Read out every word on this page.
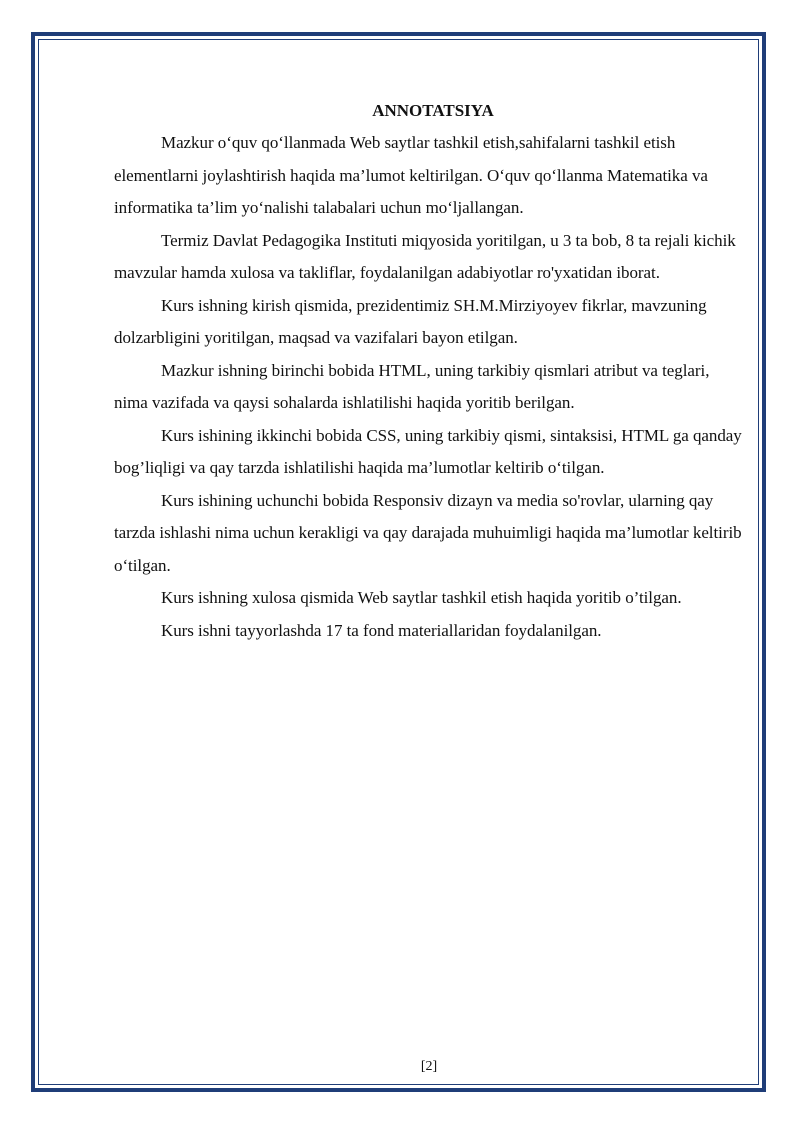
ANNOTATSIYA

Mazkur o‘quv qo‘llanmada Web saytlar tashkil etish,sahifalarni tashkil etish elementlarni joylashtirish haqida ma’lumot keltirilgan. O‘quv qo‘llanma Matematika va informatika ta’lim yo‘nalishi talabalari uchun mo‘ljallangan.

Termiz Davlat Pedagogika Instituti miqyosida yoritilgan, u 3 ta bob, 8 ta rejali kichik mavzular hamda xulosa va takliflar, foydalanilgan adabiyotlar ro'yxatidan iborat.

Kurs ishning kirish qismida, prezidentimiz SH.M.Mirziyoyev fikrlar, mavzuning dolzarbligini yoritilgan, maqsad va vazifalari bayon etilgan.

Mazkur ishning birinchi bobida HTML, uning tarkibiy qismlari atribut va teglari, nima vazifada va qaysi sohalarda ishlatilishi haqida yoritib berilgan.

Kurs ishining ikkinchi bobida CSS, uning tarkibiy qismi, sintaksisi, HTML ga qanday bog’liqligi va qay tarzda ishlatilishi haqida ma’lumotlar keltirib o‘tilgan.

Kurs ishining uchunchi bobida Responsiv dizayn va media so'rovlar, ularning qay tarzda ishlashi nima uchun kerakligi va qay darajada muhuimligi haqida ma’lumotlar keltirib o‘tilgan.

Kurs ishning xulosa qismida Web saytlar tashkil etish haqida yoritib o’tilgan.

Kurs ishni tayyorlashda 17 ta fond materiallaridan foydalanilgan.

[2]
